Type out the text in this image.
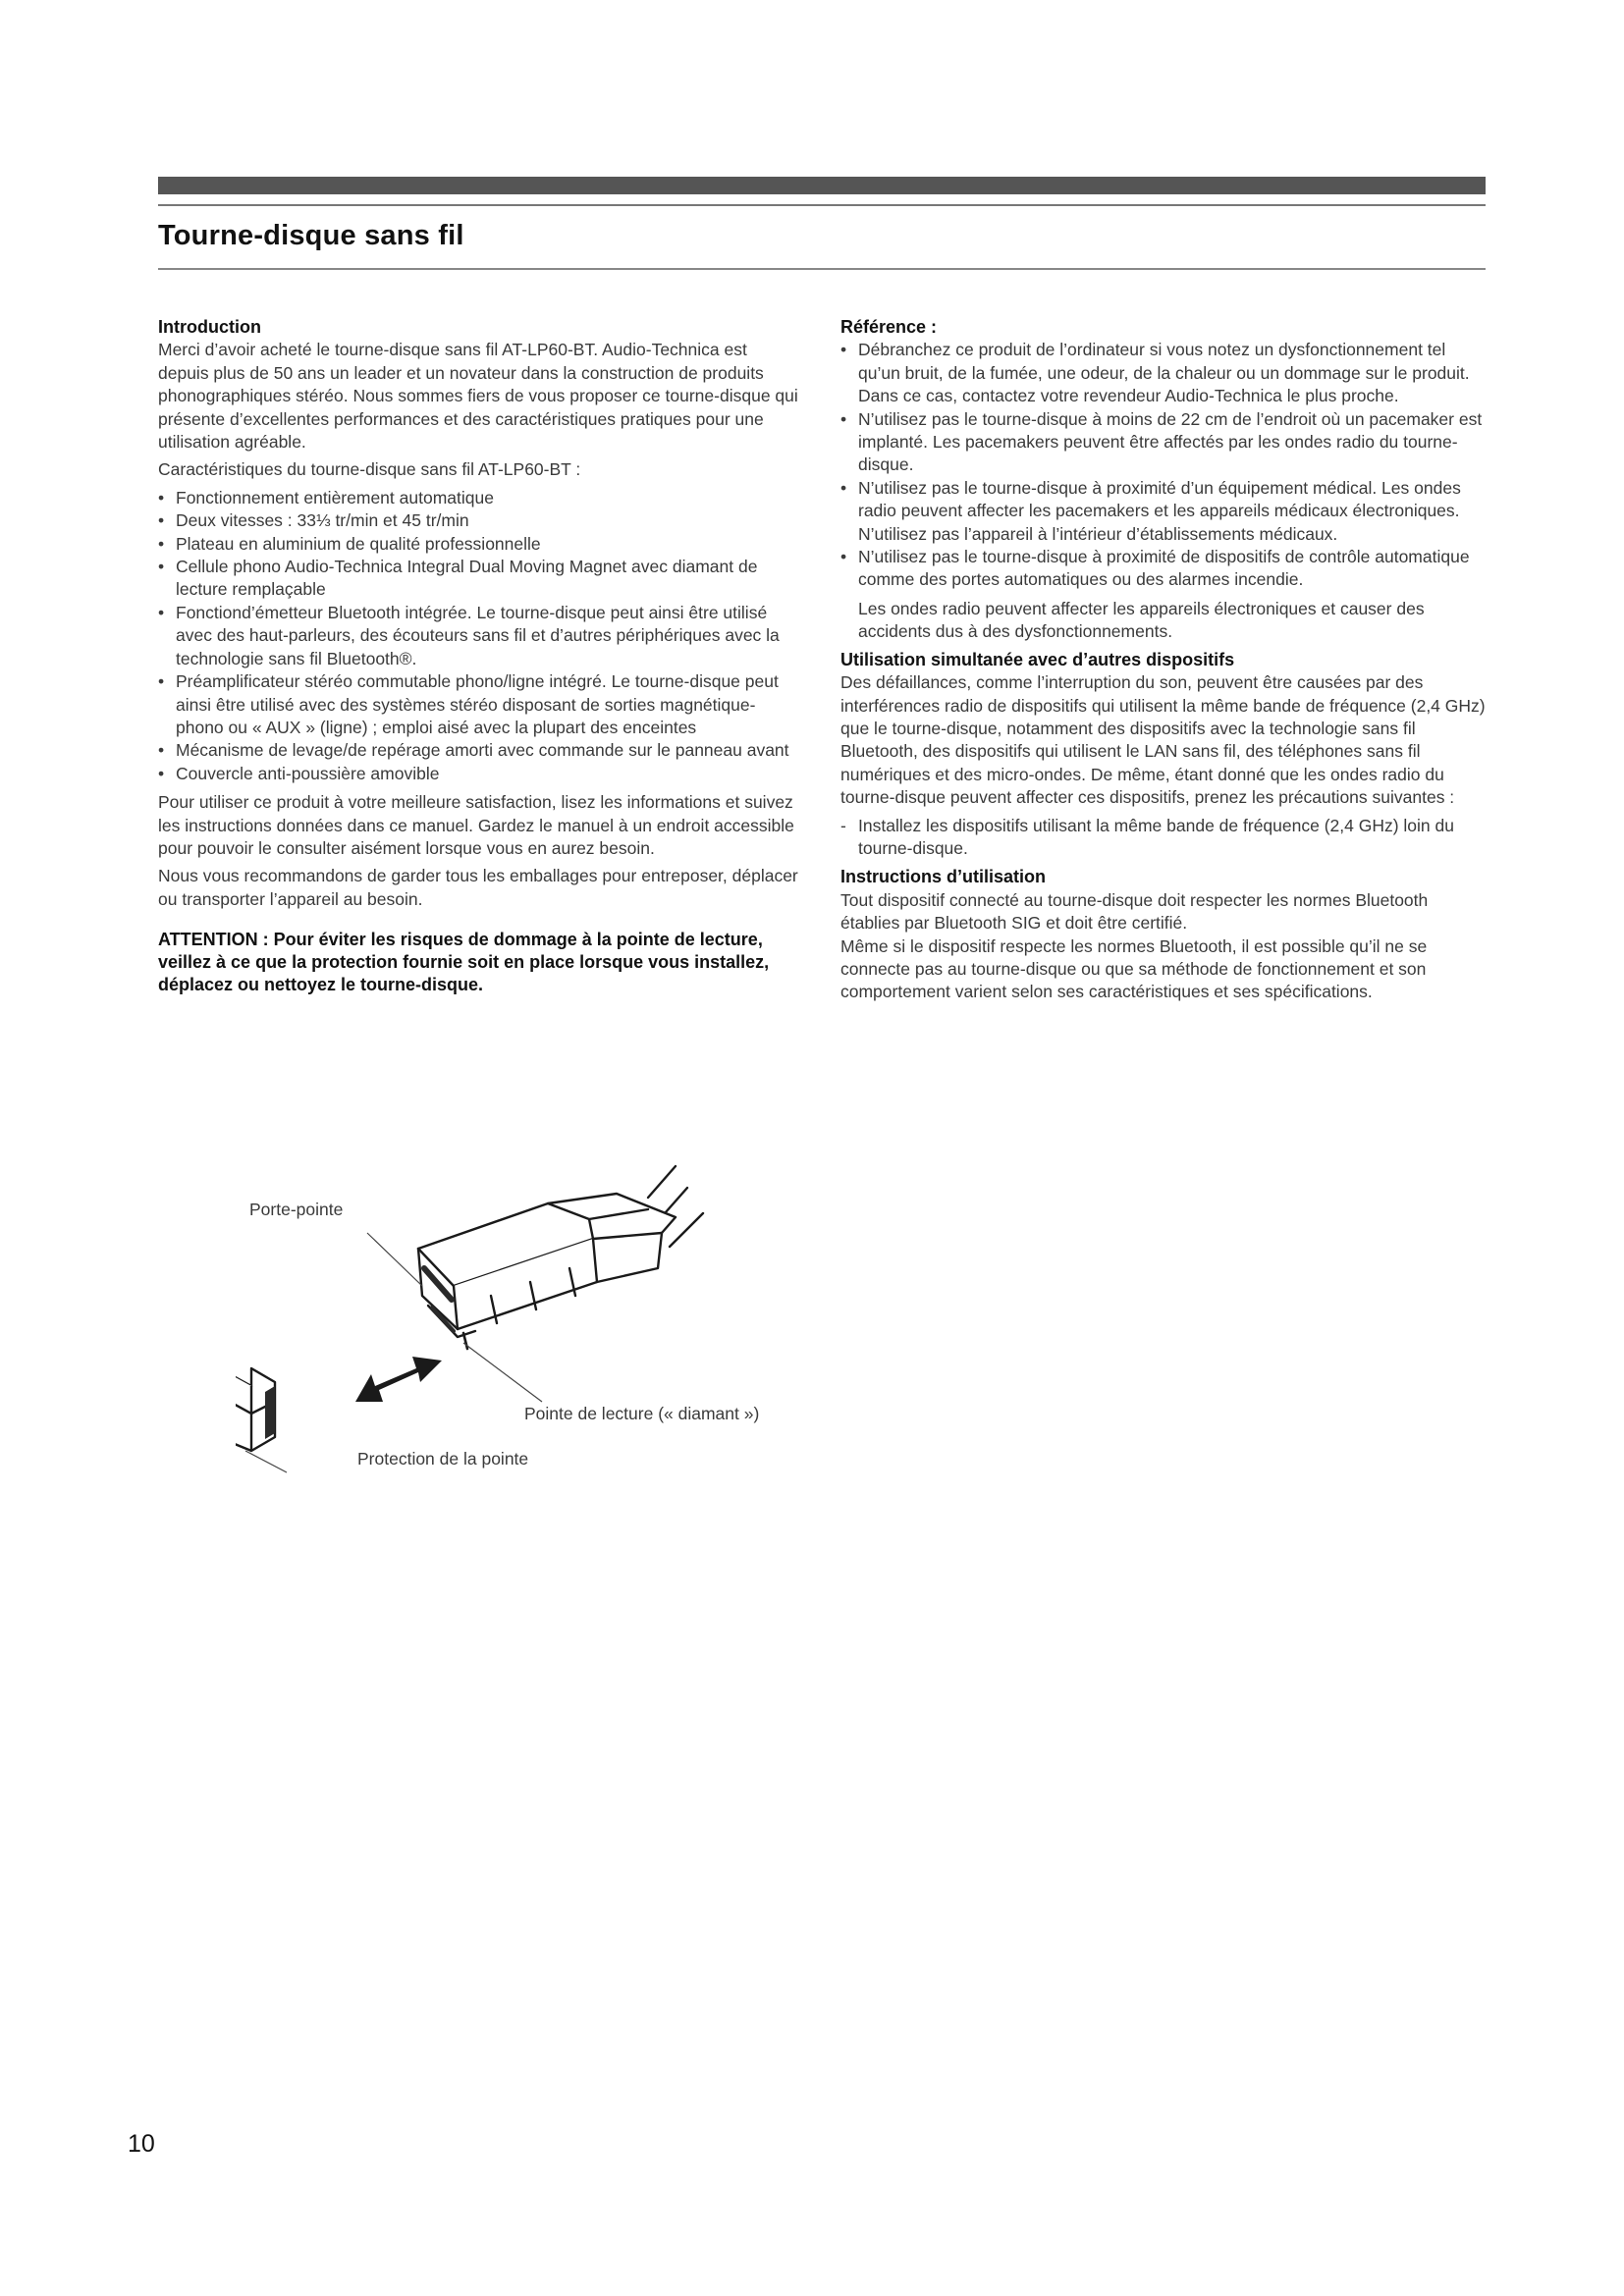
Tourne-disque sans fil
Introduction

Merci d’avoir acheté le tourne-disque sans fil AT-LP60-BT. Audio-Technica est depuis plus de 50 ans un leader et un novateur dans la construction de produits phonographiques stéréo. Nous sommes fiers de vous proposer ce tourne-disque qui présente d’excellentes performances et des caractéristiques pratiques pour une utilisation agréable.

Caractéristiques du tourne-disque sans fil AT-LP60-BT :

• Fonctionnement entièrement automatique
• Deux vitesses : 33⅓ tr/min et 45 tr/min
• Plateau en aluminium de qualité professionnelle
• Cellule phono Audio-Technica Integral Dual Moving Magnet avec diamant de lecture remplaçable
• Fonctiond’émetteur Bluetooth intégrée. Le tourne-disque peut ainsi être utilisé avec des haut-parleurs, des écouteurs sans fil et d’autres périphériques avec la technologie sans fil Bluetooth®.
• Préamplificateur stéréo commutable phono/ligne intégré. Le tourne-disque peut ainsi être utilisé avec des systèmes stéréo disposant de sorties magnétique-phono ou « AUX » (ligne) ; emploi aisé avec la plupart des enceintes
• Mécanisme de levage/de repérage amorti avec commande sur le panneau avant
• Couvercle anti-poussière amovible

Pour utiliser ce produit à votre meilleure satisfaction, lisez les informations et suivez les instructions données dans ce manuel. Gardez le manuel à un endroit accessible pour pouvoir le consulter aisément lorsque vous en aurez besoin.

Nous vous recommandons de garder tous les emballages pour entreposer, déplacer ou transporter l’appareil au besoin.

ATTENTION : Pour éviter les risques de dommage à la pointe de lecture, veillez à ce que la protection fournie soit en place lorsque vous installez, déplacez ou nettoyez le tourne-disque.

Référence :
• Débranchez ce produit de l’ordinateur si vous notez un dysfonctionnement tel qu’un bruit, de la fumée, une odeur, de la chaleur ou un dommage sur le produit. Dans ce cas, contactez votre revendeur Audio-Technica le plus proche.
• N’utilisez pas le tourne-disque à moins de 22 cm de l’endroit où un pacemaker est implanté. Les pacemakers peuvent être affectés par les ondes radio du tourne-disque.
• N’utilisez pas le tourne-disque à proximité d’un équipement médical. Les ondes radio peuvent affecter les pacemakers et les appareils médicaux électroniques. N’utilisez pas l’appareil à l’intérieur d’établissements médicaux.
• N’utilisez pas le tourne-disque à proximité de dispositifs de contrôle automatique comme des portes automatiques ou des alarmes incendie.

Les ondes radio peuvent affecter les appareils électroniques et causer des accidents dus à des dysfonctionnements.

Utilisation simultanée avec d’autres dispositifs

Des défaillances, comme l’interruption du son, peuvent être causées par des interférences radio de dispositifs qui utilisent la même bande de fréquence (2,4 GHz) que le tourne-disque, notamment des dispositifs avec la technologie sans fil Bluetooth, des dispositifs qui utilisent le LAN sans fil, des téléphones sans fil numériques et des micro-ondes. De même, étant donné que les ondes radio du tourne-disque peuvent affecter ces dispositifs, prenez les précautions suivantes :

- Installez les dispositifs utilisant la même bande de fréquence (2,4 GHz) loin du tourne-disque.
Instructions d’utilisation

Tout dispositif connecté au tourne-disque doit respecter les normes Bluetooth établies par Bluetooth SIG et doit être certifié.

Même si le dispositif respecte les normes Bluetooth, il est possible qu’il ne se connecte pas au tourne-disque ou que sa méthode de fonctionnement et son comportement varient selon ses caractéristiques et ses spécifications.

Porte-pointe
Pointe de lecture (« diamant »)
Protection de la pointe
10
